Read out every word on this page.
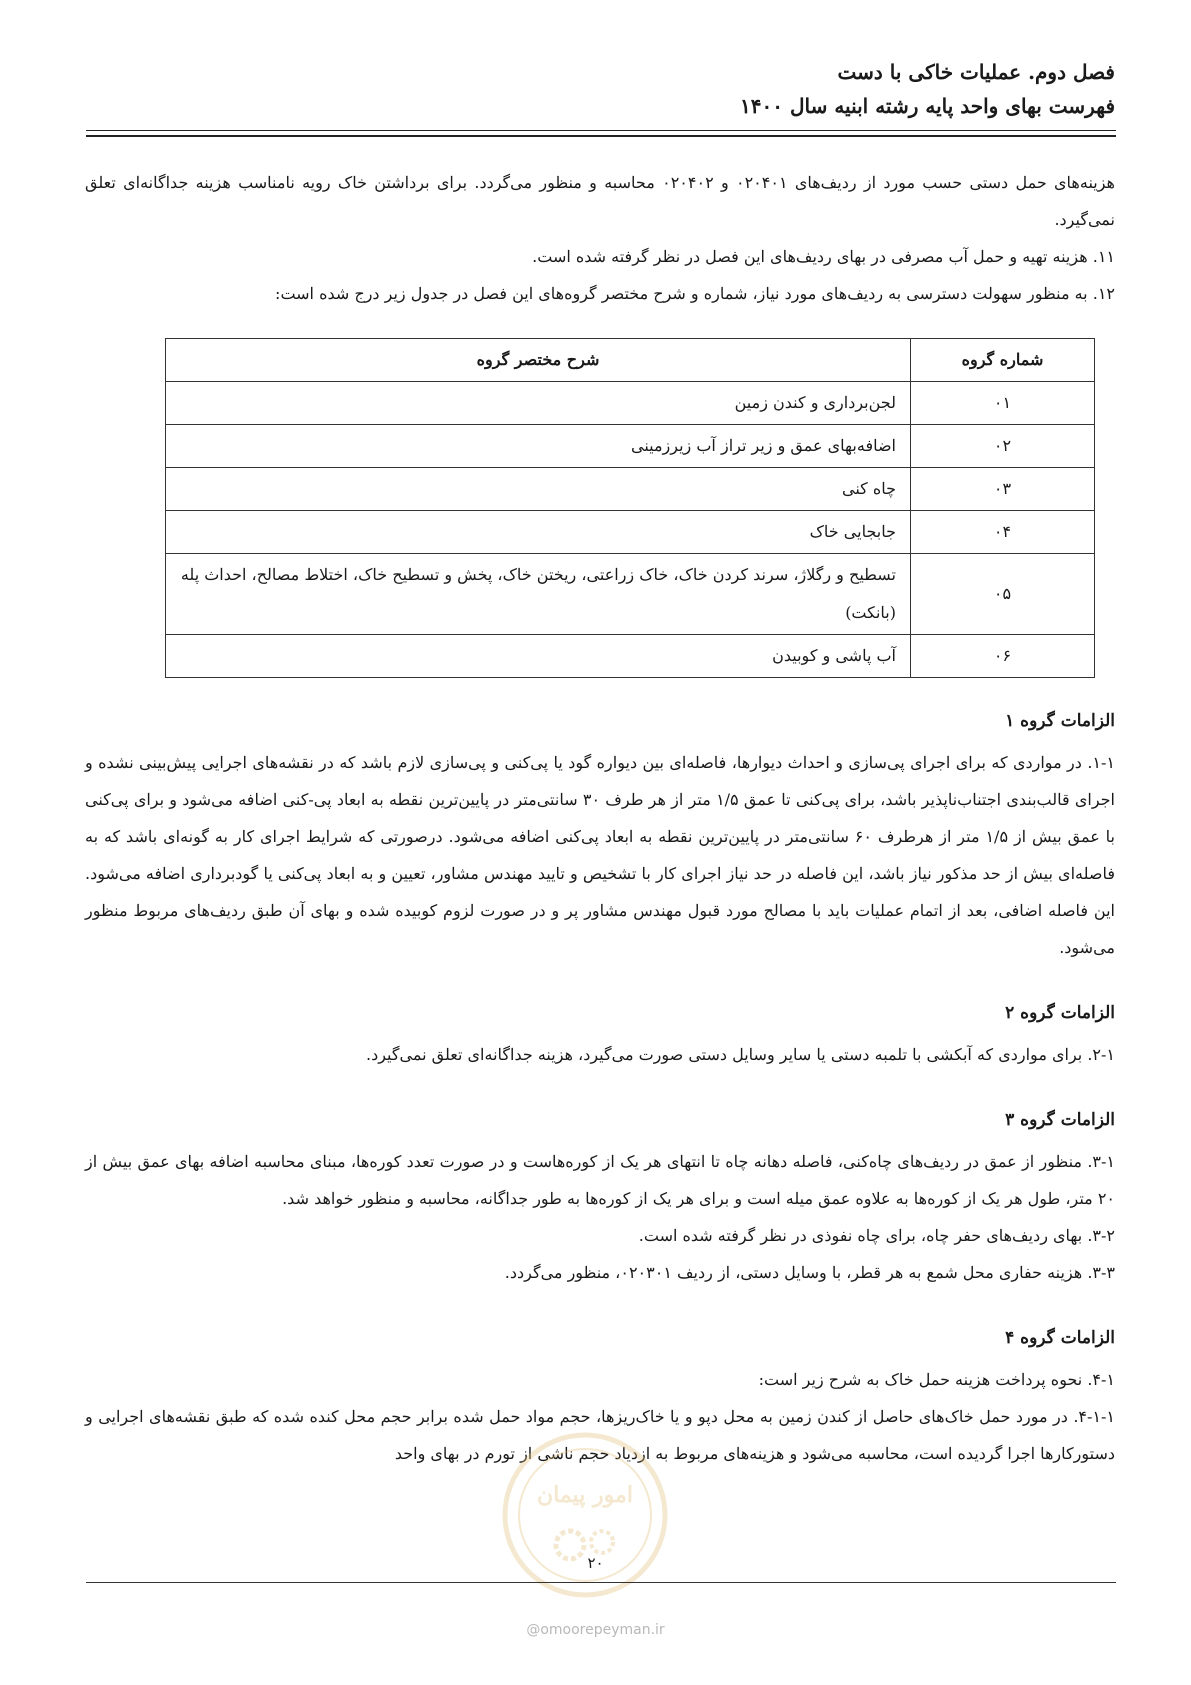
فصل دوم. عملیات خاکی با دست
فهرست بهای واحد پایه رشته ابنیه سال ۱۴۰۰

هزینه‌های حمل دستی حسب مورد از ردیف‌های ۰۲۰۴۰۱ و ۰۲۰۴۰۲ محاسبه و منظور می‌گردد. برای برداشتن خاک رویه نامناسب هزینه جداگانه‌ای تعلق نمی‌گیرد.

۱۱. هزینه تهیه و حمل آب مصرفی در بهای ردیف‌های این فصل در نظر گرفته شده است.

۱۲. به منظور سهولت دسترسی به ردیف‌های مورد نیاز، شماره و شرح مختصر گروه‌های این فصل در جدول زیر درج شده است:

شماره گروه	شرح مختصر گروه
۰۱	لجن‌برداری و کندن زمین
۰۲	اضافه‌بهای عمق و زیر تراز آب زیرزمینی
۰۳	چاه کنی
۰۴	جابجایی خاک
۰۵	تسطیح و رگلاژ، سرند کردن خاک، خاک زراعتی، ریختن خاک، پخش و تسطیح خاک، اختلاط مصالح، احداث پله (بانکت)
۰۶	آب پاشی و کوبیدن
الزامات گروه ۱

۱-۱. در مواردی که برای اجرای پی‌سازی و احداث دیوارها، فاصله‌ای بین دیواره گود یا پی‌کنی و پی‌سازی لازم باشد که در نقشه‌های اجرایی پیش‌بینی نشده و اجرای قالب‌بندی اجتناب‌ناپذیر باشد، برای پی‌کنی تا عمق ۱/۵ متر از هر طرف ۳۰ سانتی‌متر در پایین‌ترین نقطه به ابعاد پی-کنی اضافه می‌شود و برای پی‌کنی با عمق بیش از ۱/۵ متر از هرطرف ۶۰ سانتی‌متر در پایین‌ترین نقطه به ابعاد پی‌کنی اضافه می‌شود. درصورتی که شرایط اجرای کار به گونه‌ای باشد که به فاصله‌ای بیش از حد مذکور نیاز باشد، این فاصله در حد نیاز اجرای کار با تشخیص و تایید مهندس مشاور، تعیین و به ابعاد پی‌کنی یا گودبرداری اضافه می‌شود. این فاصله اضافی، بعد از اتمام عملیات باید با مصالح مورد قبول مهندس مشاور پر و در صورت لزوم کوبیده شده و بهای آن طبق ردیف‌های مربوط منظور می‌شود.

الزامات گروه ۲

۲-۱. برای مواردی که آبکشی با تلمبه دستی یا سایر وسایل دستی صورت می‌گیرد، هزینه جداگانه‌ای تعلق نمی‌گیرد.

الزامات گروه ۳

۳-۱. منظور از عمق در ردیف‌های چاه‌کنی، فاصله دهانه چاه تا انتهای هر یک از کوره‌هاست و در صورت تعدد کوره‌ها، مبنای محاسبه اضافه بهای عمق بیش از ۲۰ متر، طول هر یک از کوره‌ها به علاوه عمق میله است و برای هر یک از کوره‌ها به طور جداگانه، محاسبه و منظور خواهد شد.

۳-۲. بهای ردیف‌های حفر چاه، برای چاه نفوذی در نظر گرفته شده است.

۳-۳. هزینه حفاری محل شمع به هر قطر، با وسایل دستی، از ردیف ۰۲۰۳۰۱، منظور می‌گردد.

الزامات گروه ۴

۴-۱. نحوه پرداخت هزینه حمل خاک به شرح زیر است:

۴-۱-۱. در مورد حمل خاک‌های حاصل از کندن زمین به محل دپو و یا خاک‌ریزها، حجم مواد حمل شده برابر حجم محل کنده شده که طبق نقشه‌های اجرایی و دستورکارها اجرا گردیده است، محاسبه می‌شود و هزینه‌های مربوط به ازدیاد حجم ناشی از تورم در بهای واحد

امور پیمان
۲۰
@omoorepeyman.ir
